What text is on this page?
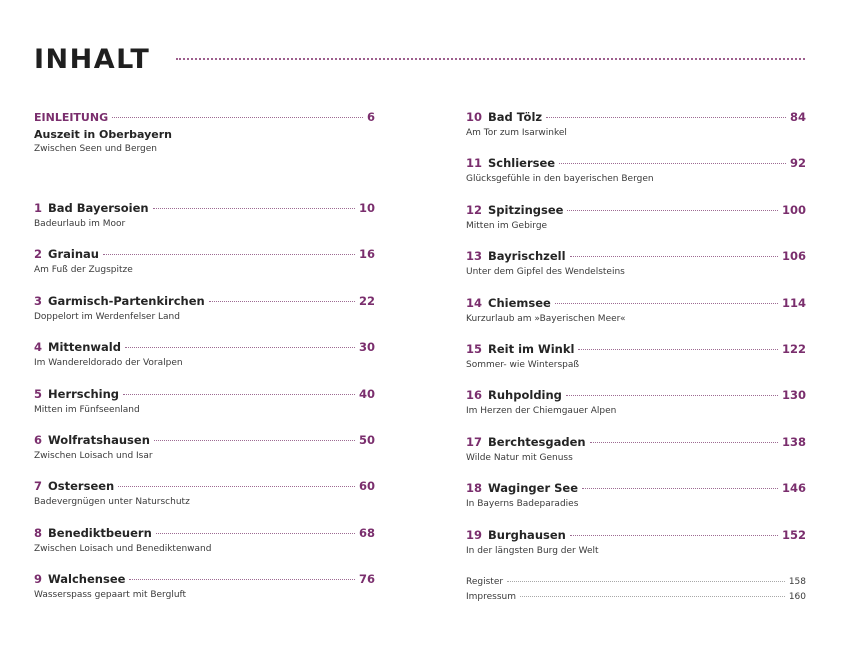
INHALT
EINLEITUNG	6
Auszeit in Oberbayern
Zwischen Seen und Bergen
1 Bad Bayersoien	10
Badeurlaub im Moor
2 Grainau	16
Am Fuß der Zugspitze
3 Garmisch-Partenkirchen	22
Doppelort im Werdenfelser Land
4 Mittenwald	30
Im Wandereldorado der Voralpen
5 Herrsching	40
Mitten im Fünfseenland
6 Wolfratshausen	50
Zwischen Loisach und Isar
7 Osterseen	60
Badevergnügen unter Naturschutz
8 Benediktbeuern	68
Zwischen Loisach und Benediktenwand
9 Walchensee	76
Wasserspass gepaart mit Bergluft
10 Bad Tölz	84
Am Tor zum Isarwinkel
11 Schliersee	92
Glücksgefühle in den bayerischen Bergen
12 Spitzingsee	100
Mitten im Gebirge
13 Bayrischzell	106
Unter dem Gipfel des Wendelsteins
14 Chiemsee	114
Kurzurlaub am »Bayerischen Meer«
15 Reit im Winkl	122
Sommer- wie Winterspaß
16 Ruhpolding	130
Im Herzen der Chiemgauer Alpen
17 Berchtesgaden	138
Wilde Natur mit Genuss
18 Waginger See	146
In Bayerns Badeparadies
19 Burghausen	152
In der längsten Burg der Welt
Register	158
Impressum	160
